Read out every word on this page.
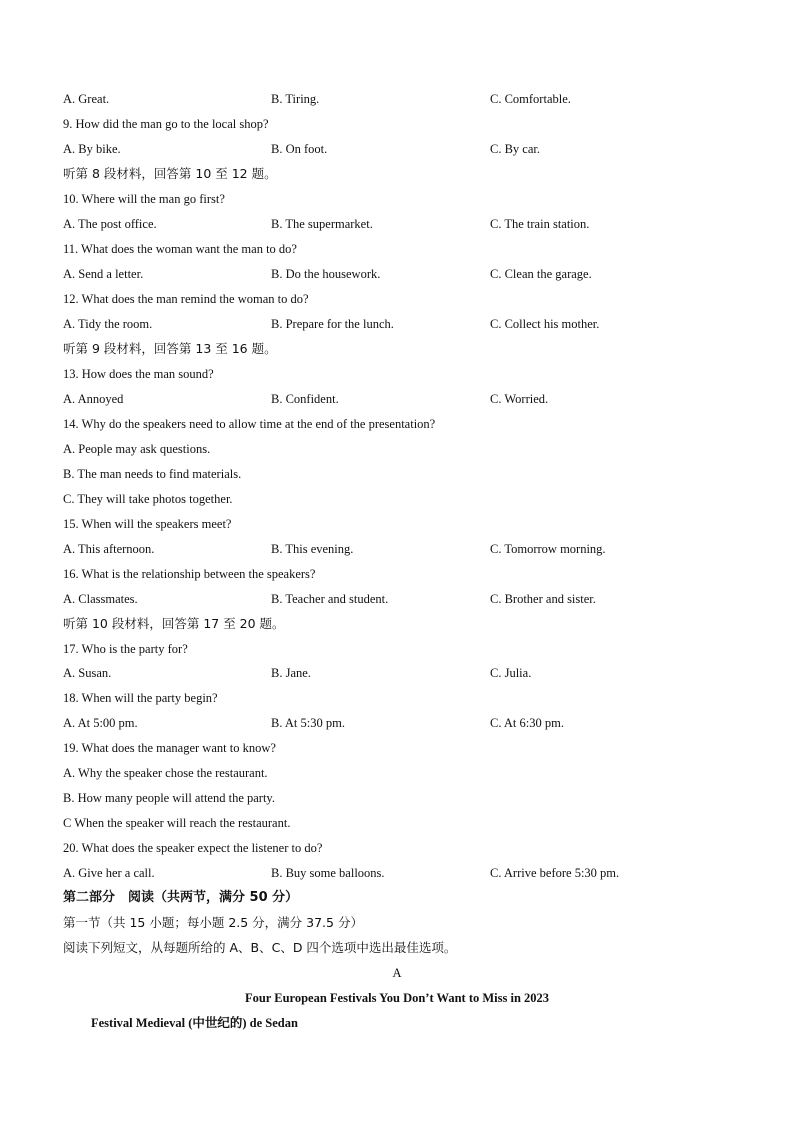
A. Great.	B. Tiring.	C. Comfortable.
9. How did the man go to the local shop?
A. By bike.	B. On foot.	C. By car.
听第 8 段材料，回答第 10 至 12 题。
10. Where will the man go first?
A. The post office.	B. The supermarket.	C. The train station.
11. What does the woman want the man to do?
A. Send a letter.	B. Do the housework.	C. Clean the garage.
12. What does the man remind the woman to do?
A. Tidy the room.	B. Prepare for the lunch.	C. Collect his mother.
听第 9 段材料，回答第 13 至 16 题。
13. How does the man sound?
A. Annoyed	B. Confident.	C. Worried.
14. Why do the speakers need to allow time at the end of the presentation?
A. People may ask questions.
B. The man needs to find materials.
C. They will take photos together.
15. When will the speakers meet?
A. This afternoon.	B. This evening.	C. Tomorrow morning.
16. What is the relationship between the speakers?
A. Classmates.	B. Teacher and student.	C. Brother and sister.
听第 10 段材料，回答第 17 至 20 题。
17. Who is the party for?
A. Susan.	B. Jane.	C. Julia.
18. When will the party begin?
A. At 5:00 pm.	B. At 5:30 pm.	C. At 6:30 pm.
19. What does the manager want to know?
A. Why the speaker chose the restaurant.
B. How many people will attend the party.
C When the speaker will reach the restaurant.
20. What does the speaker expect the listener to do?
A. Give her a call.	B. Buy some balloons.	C. Arrive before 5:30 pm.
第二部分　阅读（共两节，满分 50 分）
第一节（共 15 小题；每小题 2.5 分，满分 37.5 分）
阅读下列短文，从每题所给的 A、B、C、D 四个选项中选出最佳选项。
A
Four European Festivals You Don’t Want to Miss in 2023
Festival Medieval (中世纪的) de Sedan
